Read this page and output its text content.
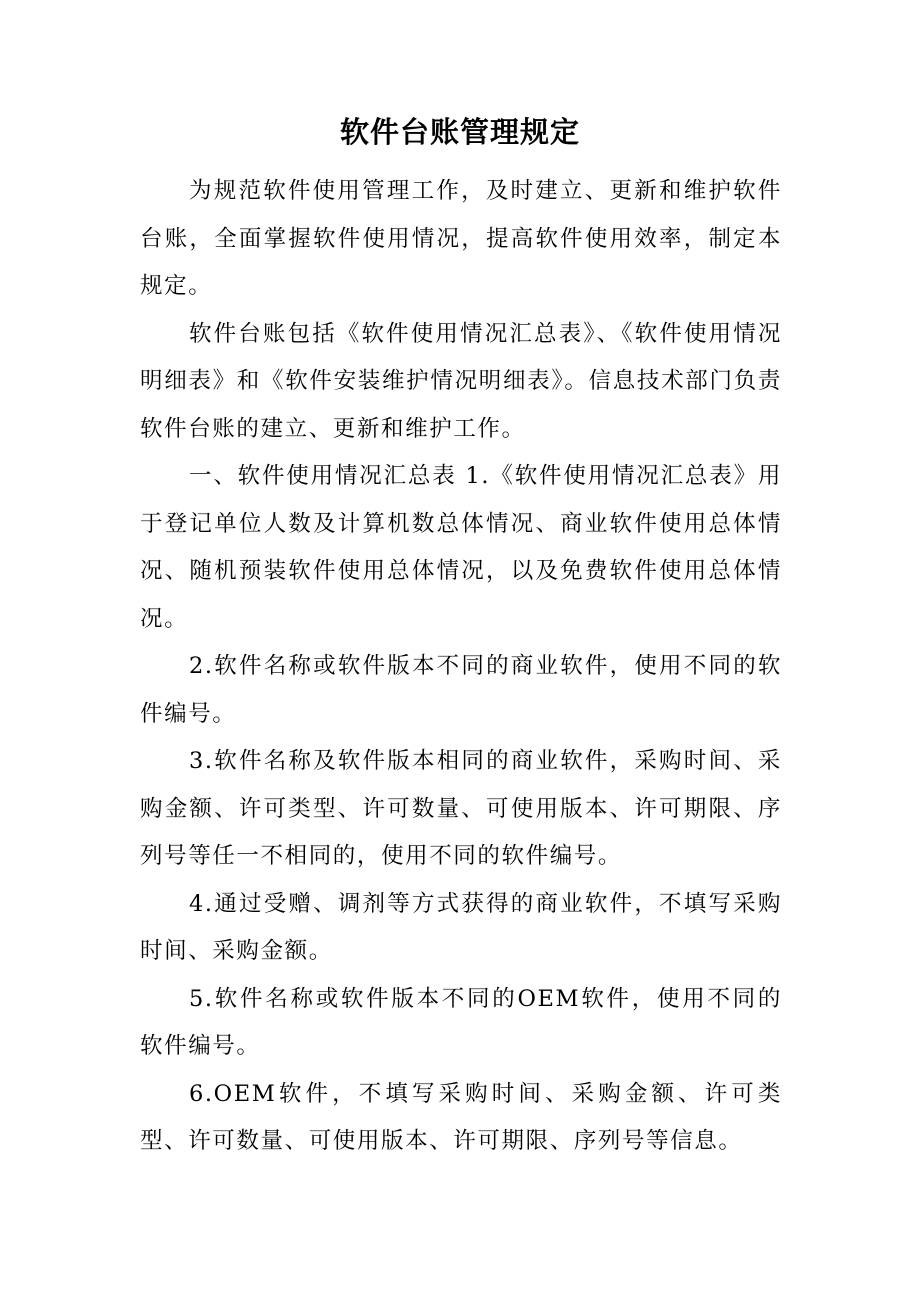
软件台账管理规定

为规范软件使用管理工作，及时建立、更新和维护软件台账，全面掌握软件使用情况，提高软件使用效率，制定本规定。

软件台账包括《软件使用情况汇总表》、《软件使用情况明细表》和《软件安装维护情况明细表》。信息技术部门负责软件台账的建立、更新和维护工作。

一、软件使用情况汇总表 1.《软件使用情况汇总表》用于登记单位人数及计算机数总体情况、商业软件使用总体情况、随机预装软件使用总体情况，以及免费软件使用总体情况。

2.软件名称或软件版本不同的商业软件，使用不同的软件编号。

3.软件名称及软件版本相同的商业软件，采购时间、采购金额、许可类型、许可数量、可使用版本、许可期限、序列号等任一不相同的，使用不同的软件编号。

4.通过受赠、调剂等方式获得的商业软件，不填写采购时间、采购金额。

5.软件名称或软件版本不同的OEM软件，使用不同的软件编号。

6.OEM软件，不填写采购时间、采购金额、许可类型、许可数量、可使用版本、许可期限、序列号等信息。
